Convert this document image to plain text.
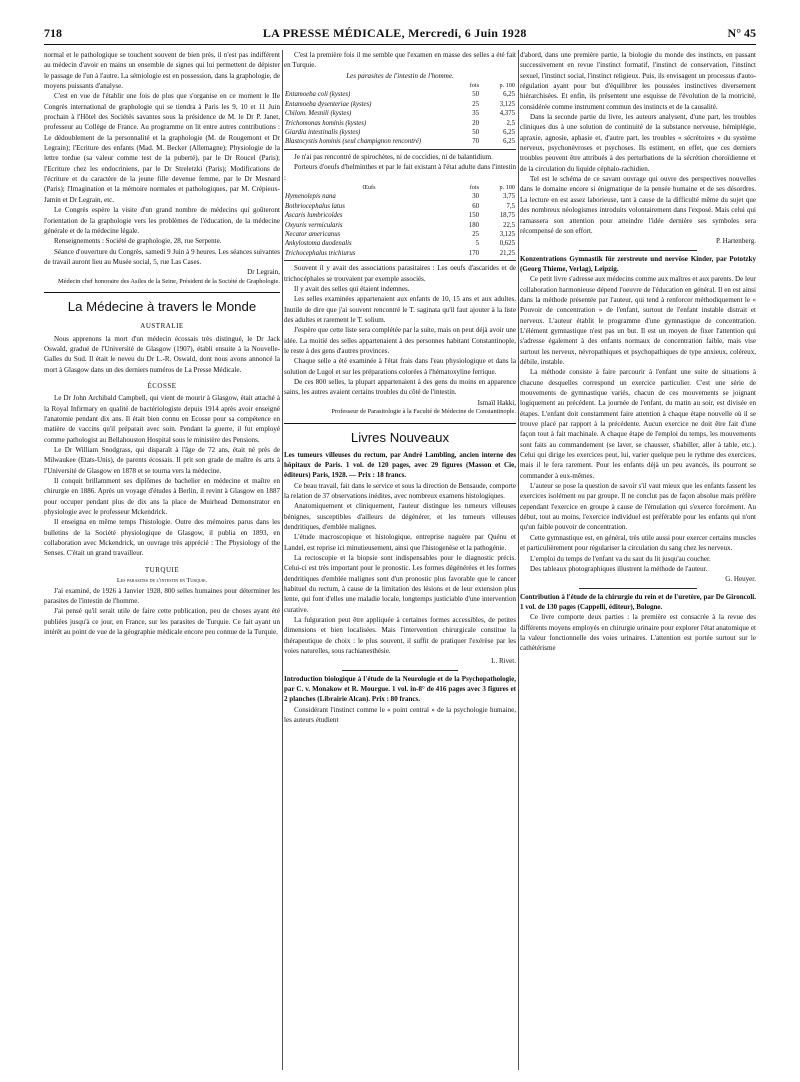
718	LA PRESSE MÉDICALE, Mercredi, 6 Juin 1928	N° 45

normal et le pathologique se touchent souvent de bien près, il n'est pas indifférent au médecin d'avoir en mains un ensemble de signes qui lui permettent de dépister le passage de l'un à l'autre. La sémiologie est en possession, dans la graphologie, de moyens puissants d'analyse.

C'est en vue de l'établir une fois de plus que s'organise en ce moment le IIe Congrès international de graphologie qui se tiendra à Paris les 9, 10 et 11 Juin prochain à l'Hôtel des Sociétés savantes sous la présidence de M. le Dr P. Janet, professeur au Collège de France. Au programme on lit entre autres contributions : Le dédoublement de la personnalité et la graphologie (M. de Rougemont et Dr Legrain); l'Ecriture des enfants (Mad. M. Becker (Allemagne); Physiologie de la lettre tordue (sa valeur comme test de la puberté), par le Dr Roucel (Paris); l'Ecriture chez les endocriniens, par le Dr Streletzki (Paris); Modifications de l'écriture et du caractère de la jeune fille devenue femme, par le Dr Mesnard (Paris); l'Imagination et la mémoire normales et pathologiques, par M. Crépieux-Jamin et Dr Legrain, etc.

Le Congrès espère la visite d'un grand nombre de médecins qui goûteront l'orientation de la graphologie vers les problèmes de l'éducation, de la médecine générale et de la médecine légale.

Renseignements : Société de graphologie, 28, rue Serpente.

Séance d'ouverture du Congrès, samedi 9 Juin à 9 heures. Les séances suivantes de travail auront lieu au Musée social, 5, rue Las Cases.

Dr Legrain,

Médecin chef honoraire des Asiles de la Seine, Président de la Société de Graphologie.

La Médecine à travers le Monde
AUSTRALIE

Nous apprenons la mort d'un médecin écossais très distingué, le Dr Jack Oswald, gradué de l'Université de Glasgow (1907), établi ensuite à la Nouvelle-Galles du Sud. Il était le neveu du Dr L.-R. Oswald, dont nous avons annoncé la mort à Glasgow dans un des derniers numéros de La Presse Médicale.

ÉCOSSE

Le Dr John Archibald Campbell, qui vient de mourir à Glasgow, était attaché à la Royal Infirmary en qualité de bactériologiste depuis 1914 après avoir enseigné l'anatomie pendant dix ans. Il était bien connu en Ecosse pour sa compétence en matière de vaccins qu'il préparait avec soin. Pendant la guerre, il fut employé comme pathologist au Bellahouston Hospital sous le ministère des Pensions.

Le Dr William Snodgrass, qui disparaît à l'âge de 72 ans, était né près de Milwaukee (Etats-Unis), de parents écossais. Il prit son grade de maître ès arts à l'Université de Glasgow en 1878 et se tourna vers la médecine.

Il conquit brillamment ses diplômes de bachelier en médecine et maître en chirurgie en 1886. Après un voyage d'études à Berlin, il revint à Glasgow en 1887 pour occuper pendant plus de dix ans la place de Muirhead Demonstrator en physiologie avec le professeur Mckendrick.

Il enseigna en même temps l'histologie. Outre des mémoires parus dans les bulletins de la Société physiologique de Glasgow, il publia en 1893, en collaboration avec Mckendrick, un ouvrage très apprécié : The Physiology of the Senses. C'était un grand travailleur.

TURQUIE

Les parasites de l'intestin en Turquie.

J'ai examiné, de 1926 à Janvier 1928, 800 selles humaines pour déterminer les parasites de l'intestin de l'homme.

J'ai pensé qu'il serait utile de faire cette publication, peu de choses ayant été publiées jusqu'à ce jour, en France, sur les parasites de Turquie. Ce fait ayant un intérêt au point de vue de la géographie médicale encore peu connue de la Turquie.

C'est la première fois il me semble que l'examen en masse des selles a été fait en Turquie.

Les parasites de l'intestin de l'homme.

	fois	p. 100
Entamoeba coli (kystes)	50	6,25
Entamoeba dysenteriae (kystes)	25	3,125
Chilom. Mesnili (kystes)	35	4,375
Trichomonas hominis (kystes)	20	2,5
Giardia intestinalis (kystes)	50	6,25
Blastocystis hominis (seul champignon rencontré)	70	6,25

Je n'ai pas rencontré de spirochètes, ni de coccidies, ni de balantidium.

Porteurs d'oeufs d'helminthes et par le fait existant à l'état adulte dans l'intestin :

Œufs	fois	p. 100
Hymenolepis nana	30	3,75
Bothriocephalus latus	60	7,5
Ascaris lumbricoïdes	150	18,75
Oxyuris vermicularis	180	22,5
Necator americanus	25	3,125
Ankylostoma duodenalis	5	0,625
Trichocephalus trichiurus	170	21,25

Souvent il y avait des associations parasitaires : Les oeufs d'ascarides et de trichocéphales se trouvaient par exemple associés.

Il y avait des selles qui étaient indemnes.

Les selles examinées appartenaient aux enfants de 10, 15 ans et aux adultes. Inutile de dire que j'ai souvent rencontré le T. saginata qu'il faut ajouter à la liste des adultes et rarement le T. solium.

J'espère que cette liste sera complétée par la suite, mais on peut déjà avoir une idée. La moitié des selles appartenaient à des personnes habitant Constantinople, le reste à des gens d'autres provinces.

Chaque selle a été examinée à l'état frais dans l'eau physiologique et dans la solution de Lugol et sur les préparations colorées à l'hématoxyline ferrique.

De ces 800 selles, la plupart appartenaient à des gens du moins en apparence sains, les autres avaient certains troubles du côté de l'intestin.

Ismaïl Hakki,

Professeur de Parasitologie à la Faculté de Médecine de Constantinople.

Livres Nouveaux

Les tumeurs villeuses du rectum, par André Lambling, ancien interne des hôpitaux de Paris. 1 vol. de 120 pages, avec 29 figures (Masson et Cie, éditeurs) Paris, 1928. — Prix : 18 francs.

Ce beau travail, fait dans le service et sous la direction de Bensaude, comporte la relation de 37 observations inédites, avec nombreux examens histologiques.

Anatomiquement et cliniquement, l'auteur distingue les tumeurs villeuses bénignes, susceptibles d'ailleurs de dégénérer, et les tumeurs villeuses dendritiques, d'emblée malignes.

L'étude macroscopique et histologique, entreprise naguère par Quénu et Landel, est reprise ici minutieusement, ainsi que l'histogenèse et la pathogénie.

La rectoscopie et la biopsie sont indispensables pour le diagnostic précis. Celui-ci est très important pour le pronostic. Les formes dégénérées et les formes dendritiques d'emblée malignes sont d'un pronostic plus favorable que le cancer habituel du rectum, à cause de la limitation des lésions et de leur extension plus lente, qui font d'elles une maladie locale, longtemps justiciable d'une intervention curative.

La fulguration peut être appliquée à certaines formes accessibles, de petites dimensions et bien localisées. Mais l'intervention chirurgicale constitue la thérapeutique de choix : le plus souvent, il suffit de pratiquer l'exérèse par les voies naturelles, sous rachianesthésie.

L. Rivet.

Introduction biologique à l'étude de la Neurologie et de la Psychopathologie, par C. v. Monakow et R. Mourgue. 1 vol. in-8° de 416 pages avec 3 figures et 2 planches (Librairie Alcan). Prix : 80 francs.

Considérant l'instinct comme le « point central » de la psychologie humaine, les auteurs étudient

d'abord, dans une première partie, la biologie du monde des instincts, en passant successivement en revue l'instinct formatif, l'instinct de conservation, l'instinct sexuel, l'instinct social, l'instinct religieux. Puis, ils envisagent un processus d'auto-régulation ayant pour but d'équilibrer les poussées instinctives diversement hiérarchisées. Et enfin, ils présentent une esquisse de l'évolution de la motricité, considérée comme instrument commun des instincts et de la causalité.

Dans la seconde partie du livre, les auteurs analysent, d'une part, les troubles cliniques dus à une solution de continuité de la substance nerveuse, hémiplégie, apraxie, agnosie, aphasie et, d'autre part, les troubles « sécrétoires » du système nerveux, psychonévroses et psychoses. Ils estiment, en effet, que ces derniers troubles peuvent être attribués à des perturbations de la sécrétion choroïdienne et de la circulation du liquide céphalo-rachidien.

Tel est le schéma de ce savant ouvrage qui ouvre des perspectives nouvelles dans le domaine encore si énigmatique de la pensée humaine et de ses désordres. La lecture en est assez laborieuse, tant à cause de la difficulté même du sujet que des nombreux néologismes introduits volontairement dans l'exposé. Mais celui qui ramassera son attention pour atteindre l'idée dernière ses symboles sera récompensé de son effort.

P. Hartenberg.

Konzentrations Gymnastik für zerstreute und nervöse Kinder, par Pototzky (Georg Thieme, Verlag), Leipzig.

Ce petit livre s'adresse aux médecins comme aux maîtres et aux parents. De leur collaboration harmonieuse dépend l'oeuvre de l'éducation en général. Il en est ainsi dans la méthode présentée par l'auteur, qui tend à renforcer méthodiquement le « Pouvoir de concentration » de l'enfant, surtout de l'enfant instable distrait et nerveux. L'auteur établit le programme d'une gymnastique de concentration. L'élément gymnastique n'est pas un but. Il est un moyen de fixer l'attention qui s'adresse également à des enfants normaux de concentration faible, mais vise surtout les nerveux, névropathiques et psychopathiques de type anxieux, coléreux, débile, instable.

La méthode consiste à faire parcourir à l'enfant une suite de situations à chacune desquelles correspond un exercice particulier. C'est une série de mouvements de gymnastique variés, chacun de ces mouvements se joignant logiquement au précédent. La journée de l'enfant, du matin au soir, est divisée en étapes. L'enfant doit constamment faire attention à chaque étape nouvelle où il se trouve placé par rapport à la précédente. Aucun exercice ne doit être fait d'une façon tout à fait machinale. A chaque étape de l'emploi du temps, les mouvements sont faits au commandement (se laver, se chausser, s'habiller, aller à table, etc.). Celui qui dirige les exercices peut, lui, varier quelque peu le rythme des exercices, mais il le fera rarement. Pour les enfants déjà un peu avancés, ils pourront se commander à eux-mêmes.

L'auteur se pose la question de savoir s'il vaut mieux que les enfants fassent les exercices isolément ou par groupe. Il ne conclut pas de façon absolue mais préfère cependant l'exercice en groupe à cause de l'émulation qui s'exerce forcément. Au début, tout au moins, l'exercice individuel est préférable pour les enfants qui n'ont qu'un faible pouvoir de concentration.

Cette gymnastique est, en général, très utile aussi pour exercer certains muscles et particulièrement pour régulariser la circulation du sang chez les nerveux.

L'emploi du temps de l'enfant va du saut du lit jusqu'au coucher.

Des tableaux photographiques illustrent la méthode de l'auteur.

G. Heuyer.

Contribution à l'étude de la chirurgie du rein et de l'uretère, par De Gironcoli. 1 vol. de 130 pages (Cappelli, éditeur), Bologne.

Ce livre comporte deux parties : la première est consacrée à la revue des différents moyens employés en chirurgie urinaire pour explorer l'état anatomique et la valeur fonctionnelle des voies urinaires. L'attention est portée surtout sur le cathétérisme
